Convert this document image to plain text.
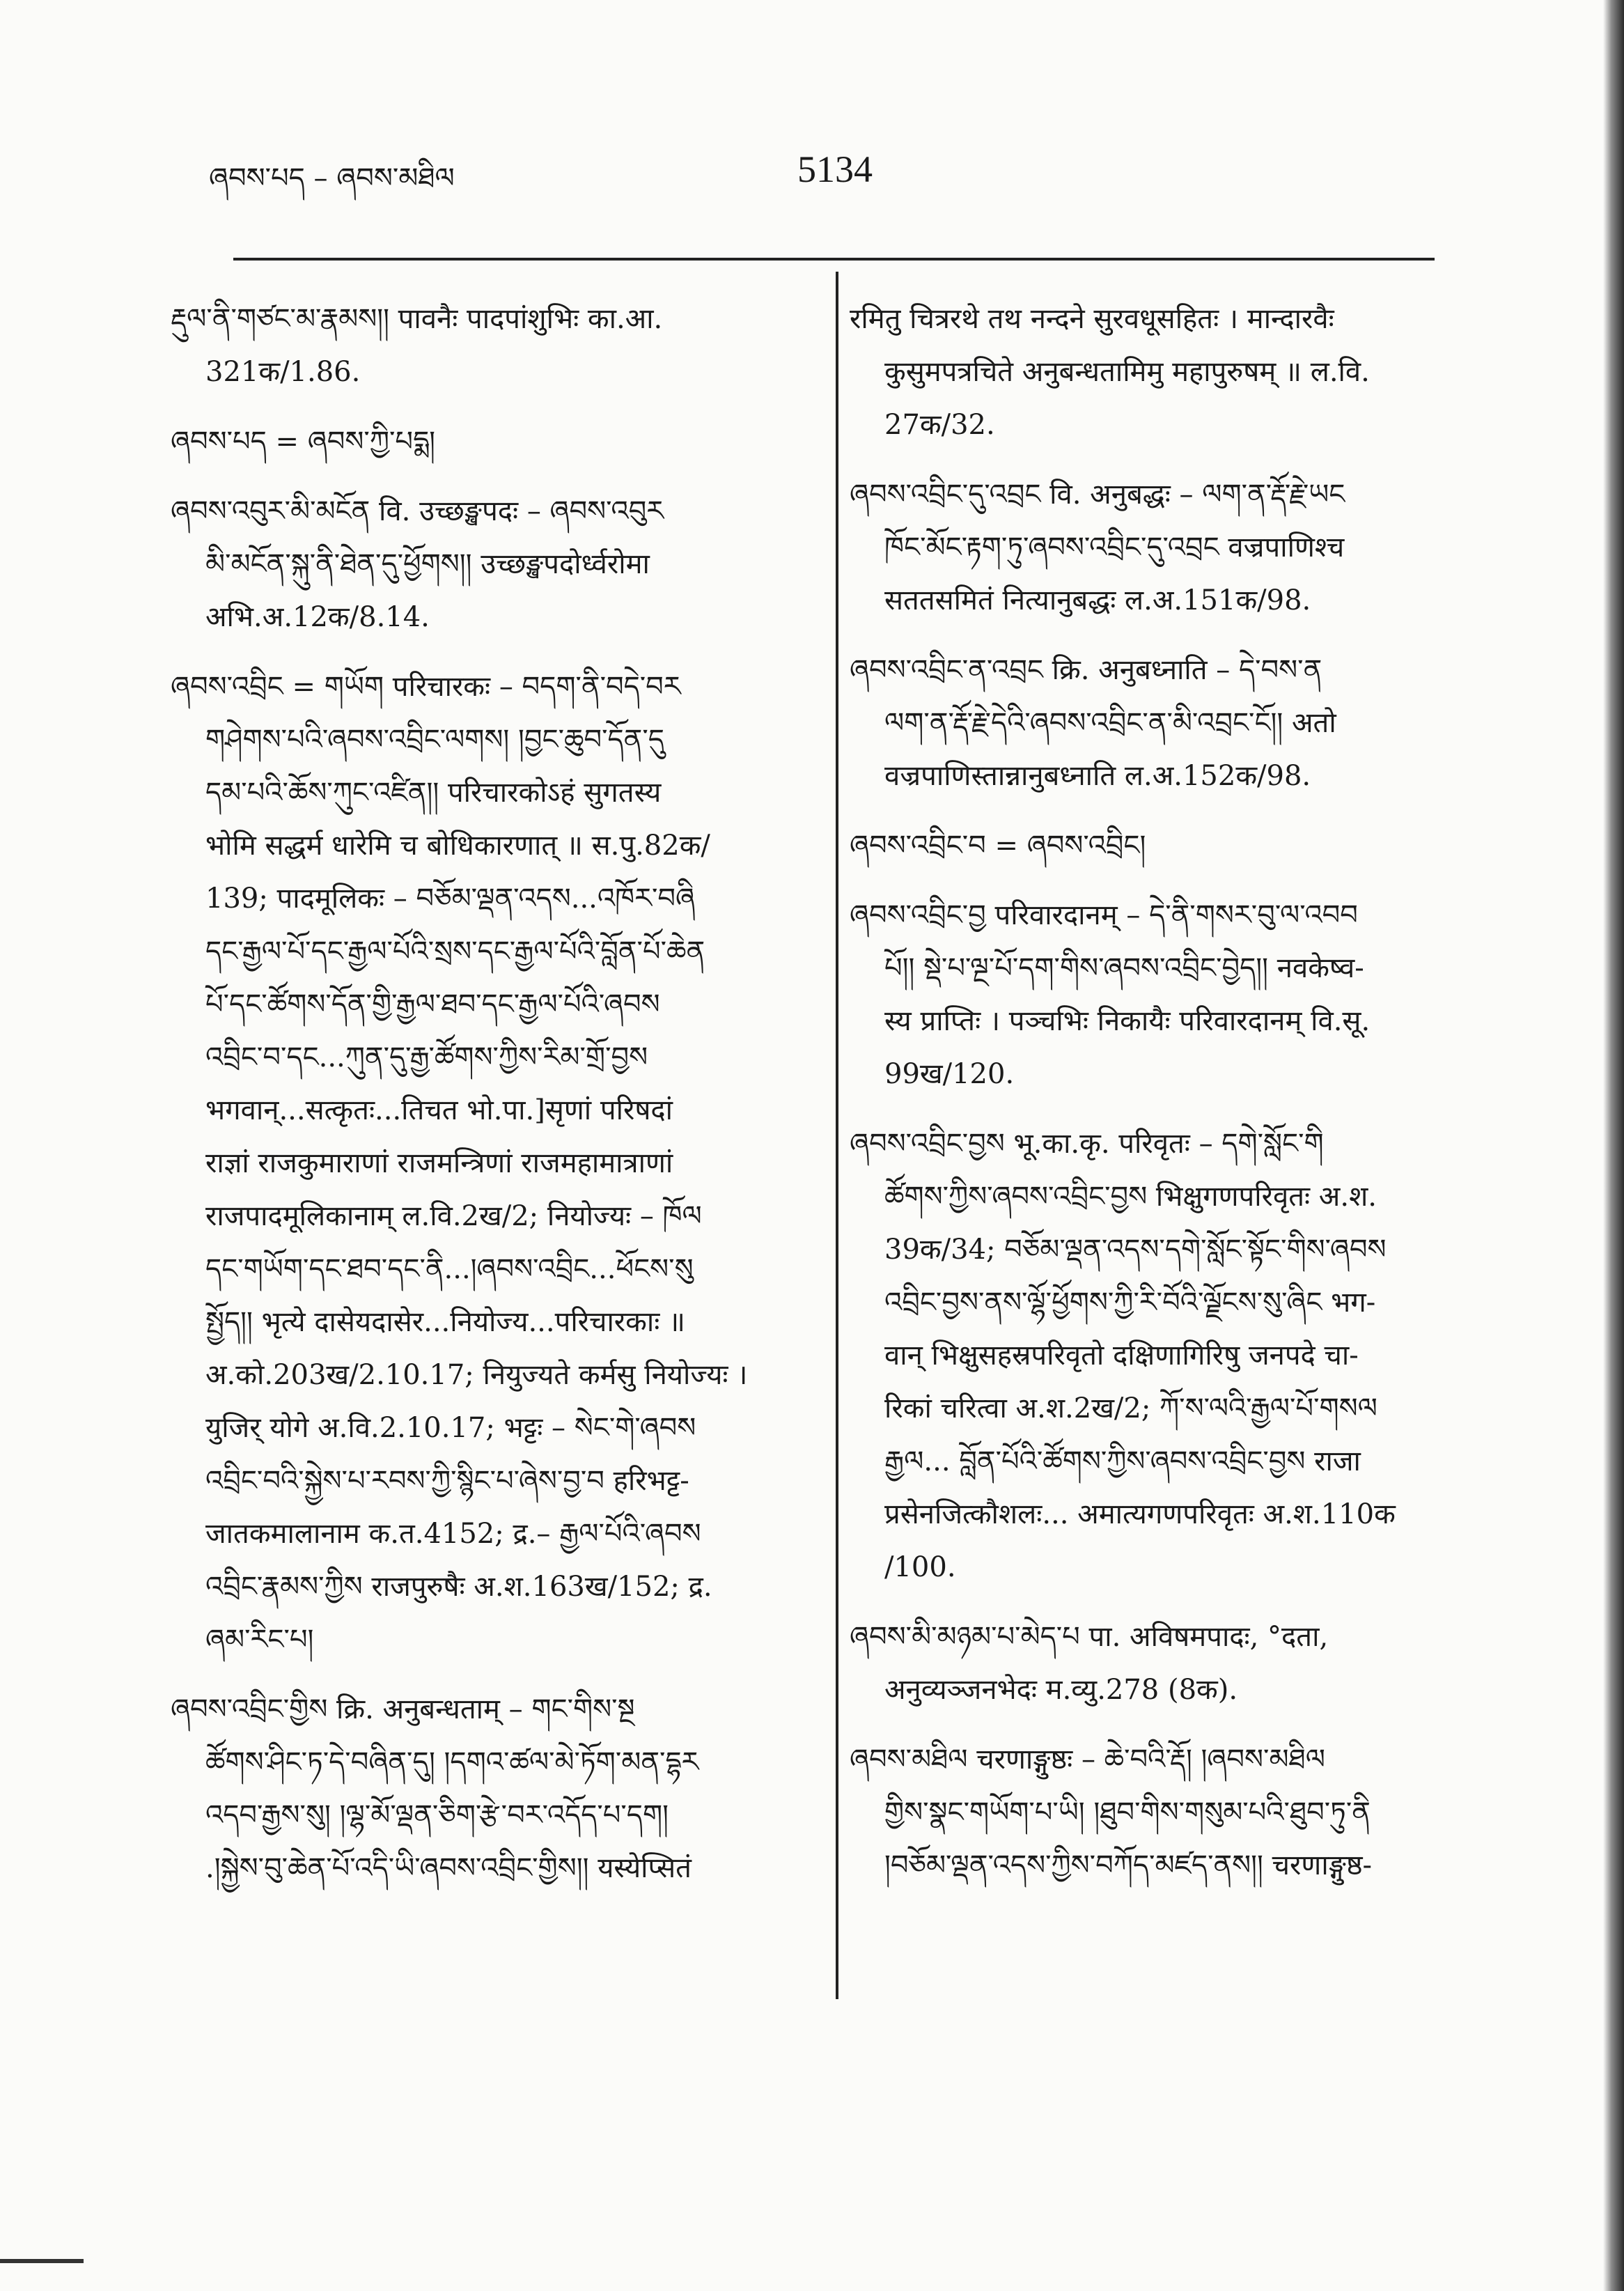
ཞབས་པད – ཞབས་མཐིལ	5134
རྡུལ་ནི་གཙང་མ་རྣམས།། पावनैः पादपांशुभिः का.आ.
321क/1.86.
ཞབས་པད = ཞབས་ཀྱི་པདྨ།
ཞབས་འབུར་མི་མངོན वि. उच्छङ्खपदः – ཞབས་འབུར
མི་མངོན་སྐུ་ནི་ཐེན་དུ་ཕྱོགས།། उच्छङ्खपदोर्ध्वरोमा
अभि.अ.12क/8.14.
ཞབས་འབྲིང = གཡོག परिचारकः – བདག་ནི་བདེ་བར
གཤེགས་པའི་ཞབས་འབྲིང་ལགས། །བྱང་ཆུབ་དོན་དུ
དམ་པའི་ཆོས་ཀུང་འཛིན།། परिचारकोऽहं सुगतस्य
भोमि सद्धर्म धारेमि च बोधिकारणात् ॥ स.पु.82क/
139; पादमूलिकः – བཅོམ་ལྡན་འདས...འཁོར་བཞི
དང་རྒྱལ་པོ་དང་རྒྱལ་པོའི་སྲས་དང་རྒྱལ་པོའི་བློན་པོ་ཆེན
པོ་དང་ཚོགས་དོན་གྱི་རྒྱལ་ཐབ་དང་རྒྱལ་པོའི་ཞབས
འབྲིང་བ་དང...ཀུན་དུ་རྒྱ་ཚོགས་ཀྱིས་རིམ་གྲོ་བྱས
भगवान्...सत्कृतः...तिचत भो.पा.]सृणां परिषदां
राज्ञां राजकुमाराणां राजमन्त्रिणां राजमहामात्राणां
राजपादमूलिकानाम् ल.वि.2ख/2; नियोज्यः – ཁོལ
དང་གཡོག་དང་ཐབ་དང་ནི...།ཞབས་འབྲིང...ཕོངས་སུ
སྤྱོད།། भृत्ये दासेयदासेर...नियोज्य...परिचारकाः ॥
अ.को.203ख/2.10.17; नियुज्यते कर्मसु नियोज्यः ।
युजिर् योगे अ.वि.2.10.17; भट्टः – སེང་གེ་ཞབས
འབྲིང་བའི་སྐྱེས་པ་རབས་ཀྱི་སྙིང་པ་ཞེས་བྱ་བ हरिभट्ट-
जातकमालानाम क.त.4152; द्र.– རྒྱལ་པོའི་ཞབས
འབྲིང་རྣམས་ཀྱིས राजपुरुषैः अ.श.163ख/152; द्र.
ཞམ་རིང་པ།
ཞབས་འབྲིང་གྱིས क्रि. अनुबन्धताम् – གང་གིས་སྔ
ཚོགས་ཤིང་ཏ་དེ་བཞིན་དུ། །དགའ་ཚལ་མེ་ཏོག་མན་དྷར
འདབ་རྒྱས་སུ། །ལྷ་མོ་ལྡན་ཅིག་རྩེ་བར་འདོད་པ་དག།
.།སྐྱེས་བུ་ཆེན་པོ་འདི་ཡི་ཞབས་འབྲིང་གྱིས།། यस्येप्सितं
रमितु चित्ररथे तथ नन्दने सुरवधूसहितः । मान्दारवैः
कुसुमपत्रचिते अनुबन्धतामिमु महापुरुषम् ॥ ल.वि.
27क/32.
ཞབས་འབྲིང་དུ་འབྲང वि. अनुबद्धः – ལག་ན་རྡོ་རྗེ་ཡང
ཁོང་མོང་རྟག་ཏུ་ཞབས་འབྲིང་དུ་འབྲང वज्रपाणिश्च
सततसमितं नित्यानुबद्धः ल.अ.151क/98.
ཞབས་འབྲིང་ན་འབྲང क्रि. अनुबध्नाति – དེ་བས་ན
ལག་ན་རྡོ་རྗེ་དེའི་ཞབས་འབྲིང་ན་མི་འབྲང་ངོ།། अतो
वज्रपाणिस्तान्नानुबध्नाति ल.अ.152क/98.
ཞབས་འབྲིང་བ = ཞབས་འབྲིང།
ཞབས་འབྲིང་བྱ परिवारदानम् – དེ་ནི་གསར་བུ་ལ་འབབ
པོ།། སྡེ་པ་ལྔ་པོ་དག་གིས་ཞབས་འབྲིང་བྱེད།། नवकेष्व-
स्य प्राप्तिः । पञ्चभिः निकायैः परिवारदानम् वि.सू.
99ख/120.
ཞབས་འབྲིང་བྱས भू.का.कृ. परिवृतः – དགེ་སློང་གི
ཚོགས་ཀྱིས་ཞབས་འབྲིང་བྱས भिक्षुगणपरिवृतः अ.श.
39क/34; བཅོམ་ལྡན་འདས་དགེ་སློང་སྟོང་གིས་ཞབས
འབྲིང་བྱས་ནས་ལྷོ་ཕྱོགས་ཀྱི་རི་བོའི་ལྗོངས་སུ་ཞིང भग-
वान् भिक्षुसहस्रपरिवृतो दक्षिणागिरिषु जनपदे चा-
रिकां चरित्वा अ.श.2ख/2; ཀོ་ས་ལའི་རྒྱལ་པོ་གསལ
རྒྱལ... བློན་པོའི་ཚོགས་ཀྱིས་ཞབས་འབྲིང་བྱས राजा
प्रसेनजित्कौशलः... अमात्यगणपरिवृतः अ.श.110क
/100.
ཞབས་མི་མཉམ་པ་མེད་པ पा. अविषमपादः, °दता,
अनुव्यञ्जनभेदः म.व्यु.278 (8क).
ཞབས་མཐིལ चरणाङ्गुष्ठः – ཆེ་བའི་རྡོ། །ཞབས་མཐིལ
གྱིས་སྣང་གཡོག་པ་ཡི། །ཐུབ་གིས་གསུམ་པའི་ཐུབ་ཏུ་ནི
།བཅོམ་ལྡན་འདས་ཀྱིས་བཀོད་མཛད་ནས།། चरणाङ्गुष्ठ-
